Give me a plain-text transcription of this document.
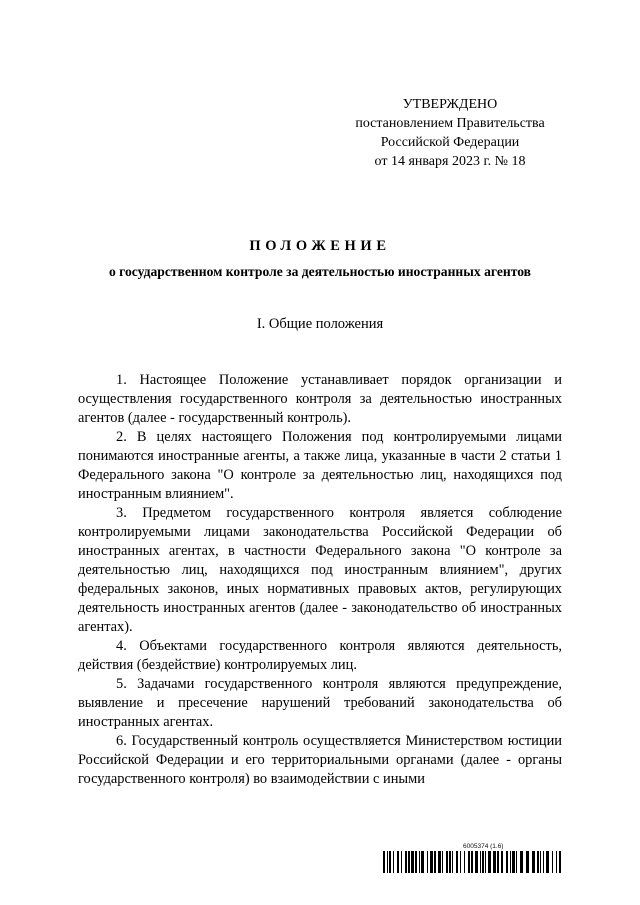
УТВЕРЖДЕНО
постановлением Правительства
Российской Федерации
от 14 января 2023 г. № 18
ПОЛОЖЕНИЕ
о государственном контроле за деятельностью иностранных агентов
I. Общие положения

1. Настоящее Положение устанавливает порядок организации и осуществления государственного контроля за деятельностью иностранных агентов (далее - государственный контроль).

2. В целях настоящего Положения под контролируемыми лицами понимаются иностранные агенты, а также лица, указанные в части 2 статьи 1 Федерального закона "О контроле за деятельностью лиц, находящихся под иностранным влиянием".

3. Предметом государственного контроля является соблюдение контролируемыми лицами законодательства Российской Федерации об иностранных агентах, в частности Федерального закона "О контроле за деятельностью лиц, находящихся под иностранным влиянием", других федеральных законов, иных нормативных правовых актов, регулирующих деятельность иностранных агентов (далее - законодательство об иностранных агентах).

4. Объектами государственного контроля являются деятельность, действия (бездействие) контролируемых лиц.

5. Задачами государственного контроля являются предупреждение, выявление и пресечение нарушений требований законодательства об иностранных агентах.

6. Государственный контроль осуществляется Министерством юстиции Российской Федерации и его территориальными органами (далее - органы государственного контроля) во взаимодействии с иными

6005374 (1.6)
